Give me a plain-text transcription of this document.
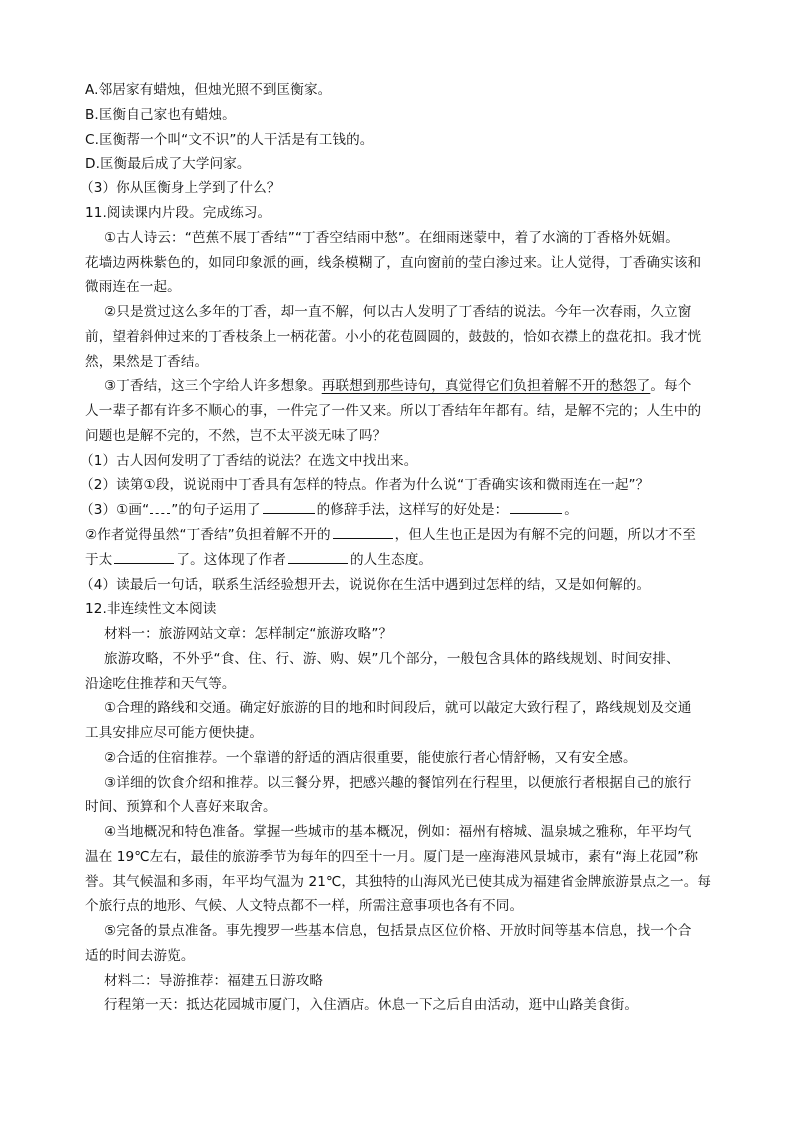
A.邻居家有蜡烛，但烛光照不到匡衡家。
B.匡衡自己家也有蜡烛。
C.匡衡帮一个叫“文不识”的人干活是有工钱的。
D.匡衡最后成了大学问家。
（3）你从匡衡身上学到了什么？
11.阅读课内片段。完成练习。
①古人诗云：“芭蕉不展丁香结”“丁香空结雨中愁”。在细雨迷蒙中，着了水滴的丁香格外妩媚。
花墙边两株紫色的，如同印象派的画，线条模糊了，直向窗前的莹白渗过来。让人觉得，丁香确实该和
微雨连在一起。
②只是赏过这么多年的丁香，却一直不解，何以古人发明了丁香结的说法。今年一次春雨，久立窗
前，望着斜伸过来的丁香枝条上一柄花蕾。小小的花苞圆圆的，鼓鼓的，恰如衣襟上的盘花扣。我才恍
然，果然是丁香结。
③丁香结，这三个字给人许多想象。再联想到那些诗句，真觉得它们负担着解不开的愁怨了。每个
人一辈子都有许多不顺心的事，一件完了一件又来。所以丁香结年年都有。结，是解不完的；人生中的
问题也是解不完的，不然，岂不太平淡无味了吗？
（1）古人因何发明了丁香结的说法？在选文中找出来。
（2）读第①段，说说雨中丁香具有怎样的特点。作者为什么说“丁香确实该和微雨连在一起”？
（3）①画“ ”的句子运用了	的修辞手法，这样写的好处是：	。
②作者觉得虽然“丁香结”负担着解不开的	，但人生也正是因为有解不完的问题，所以才不至
于太	了。这体现了作者	的人生态度。
（4）读最后一句话，联系生活经验想开去，说说你在生活中遇到过怎样的结，又是如何解的。
12.非连续性文本阅读
材料一：旅游网站文章：怎样制定“旅游攻略”？
旅游攻略，不外乎“食、住、行、游、购、娱”几个部分，一般包含具体的路线规划、时间安排、
沿途吃住推荐和天气等。
①合理的路线和交通。确定好旅游的目的地和时间段后，就可以敲定大致行程了，路线规划及交通
工具安排应尽可能方便快捷。
②合适的住宿推荐。一个靠谱的舒适的酒店很重要，能使旅行者心情舒畅，又有安全感。
③详细的饮食介绍和推荐。以三餐分界，把感兴趣的餐馆列在行程里，以便旅行者根据自己的旅行
时间、预算和个人喜好来取舍。
④当地概况和特色准备。掌握一些城市的基本概况，例如：福州有榕城、温泉城之雅称，年平均气
温在 19℃左右，最佳的旅游季节为每年的四至十一月。厦门是一座海港风景城市，素有“海上花园”称
誉。其气候温和多雨，年平均气温为 21℃，其独特的山海风光已使其成为福建省金牌旅游景点之一。每
个旅行点的地形、气候、人文特点都不一样，所需注意事项也各有不同。
⑤完备的景点准备。事先搜罗一些基本信息，包括景点区位价格、开放时间等基本信息，找一个合
适的时间去游览。
材料二：导游推荐：福建五日游攻略
行程第一天：抵达花园城市厦门，入住酒店。休息一下之后自由活动，逛中山路美食街。
